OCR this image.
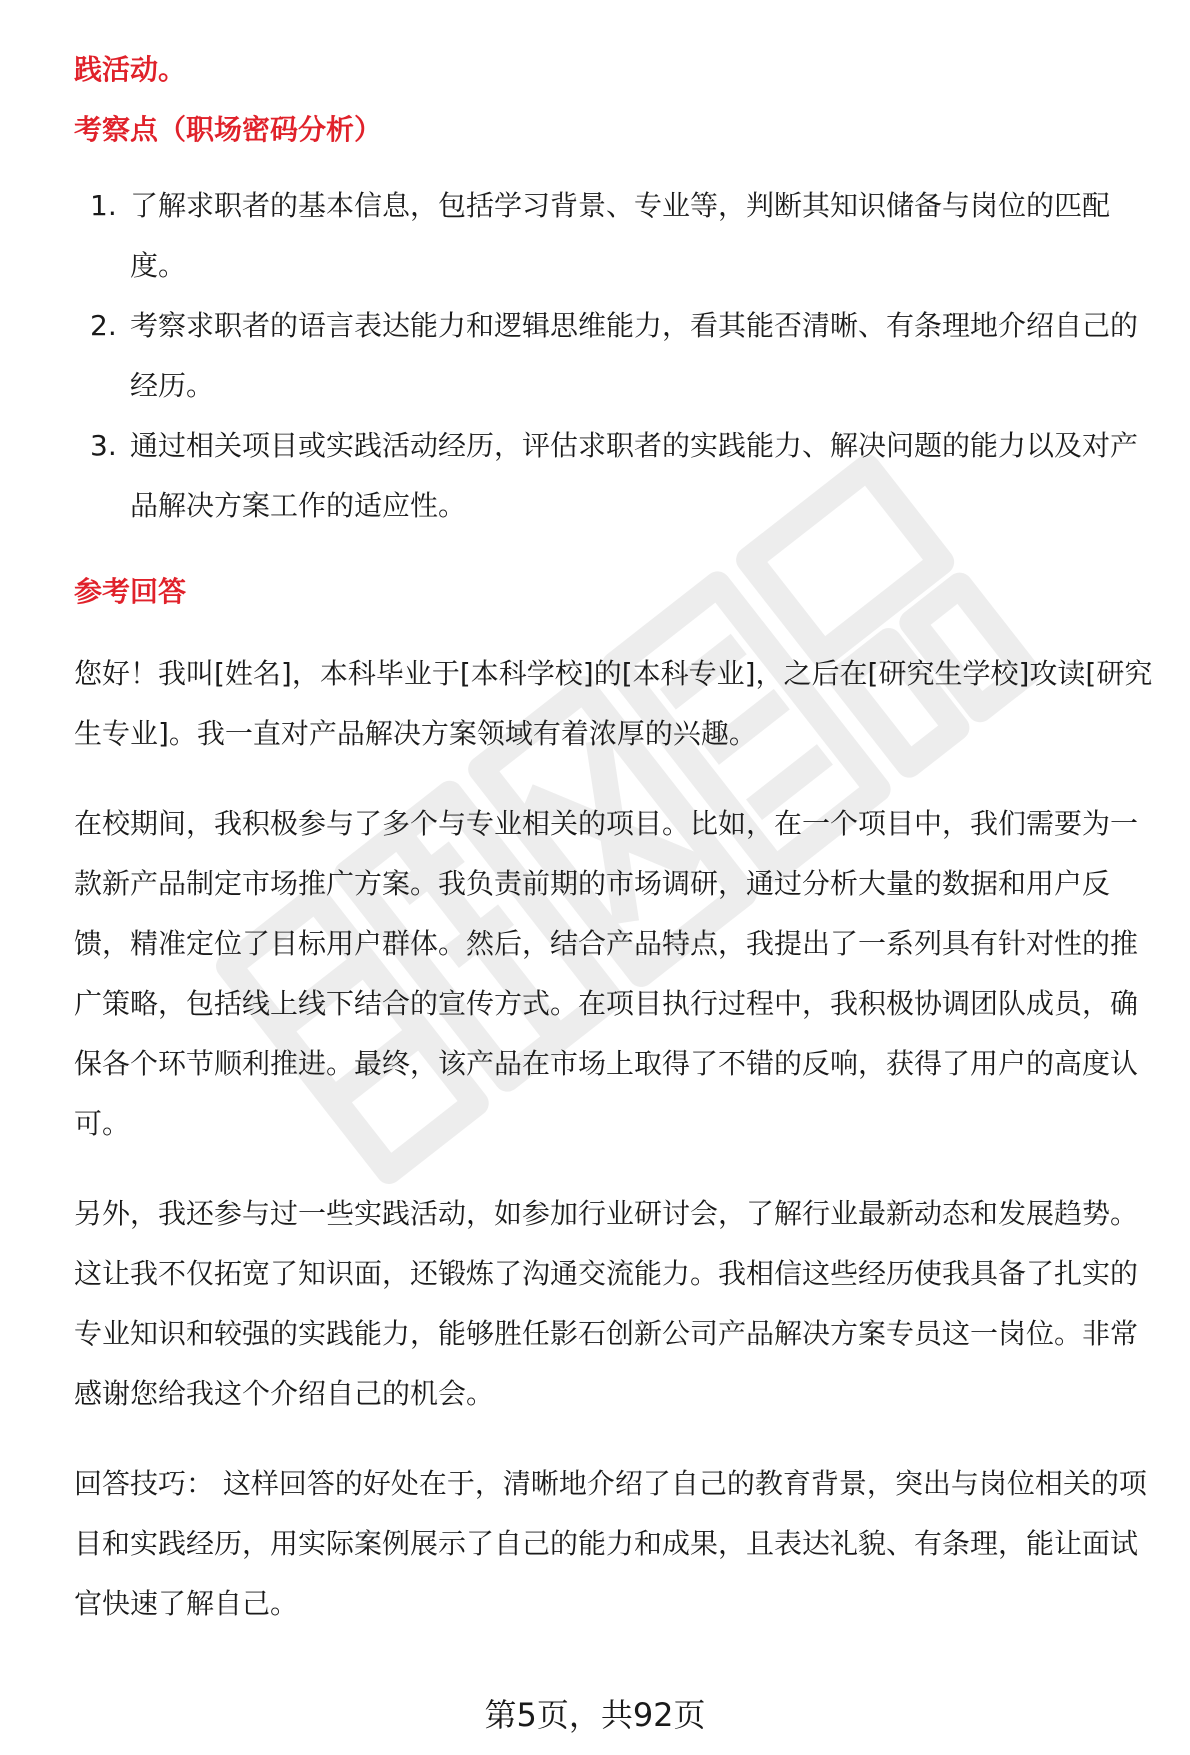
践活动。
考察点（职场密码分析）
1. 了解求职者的基本信息，包括学习背景、专业等，判断其知识储备与岗位的匹配度。
2. 考察求职者的语言表达能力和逻辑思维能力，看其能否清晰、有条理地介绍自己的经历。
3. 通过相关项目或实践活动经历，评估求职者的实践能力、解决问题的能力以及对产品解决方案工作的适应性。
参考回答

您好！我叫[姓名]，本科毕业于[本科学校]的[本科专业]，之后在[研究生学校]攻读[研究生专业]。我一直对产品解决方案领域有着浓厚的兴趣。

在校期间，我积极参与了多个与专业相关的项目。比如，在一个项目中，我们需要为一款新产品制定市场推广方案。我负责前期的市场调研，通过分析大量的数据和用户反馈，精准定位了目标用户群体。然后，结合产品特点，我提出了一系列具有针对性的推广策略，包括线上线下结合的宣传方式。在项目执行过程中，我积极协调团队成员，确保各个环节顺利推进。最终，该产品在市场上取得了不错的反响，获得了用户的高度认可。

另外，我还参与过一些实践活动，如参加行业研讨会，了解行业最新动态和发展趋势。这让我不仅拓宽了知识面，还锻炼了沟通交流能力。我相信这些经历使我具备了扎实的专业知识和较强的实践能力，能够胜任影石创新公司产品解决方案专员这一岗位。非常感谢您给我这个介绍自己的机会。

回答技巧： 这样回答的好处在于，清晰地介绍了自己的教育背景，突出与岗位相关的项目和实践经历，用实际案例展示了自己的能力和成果，且表达礼貌、有条理，能让面试官快速了解自己。

第5页，共92页
